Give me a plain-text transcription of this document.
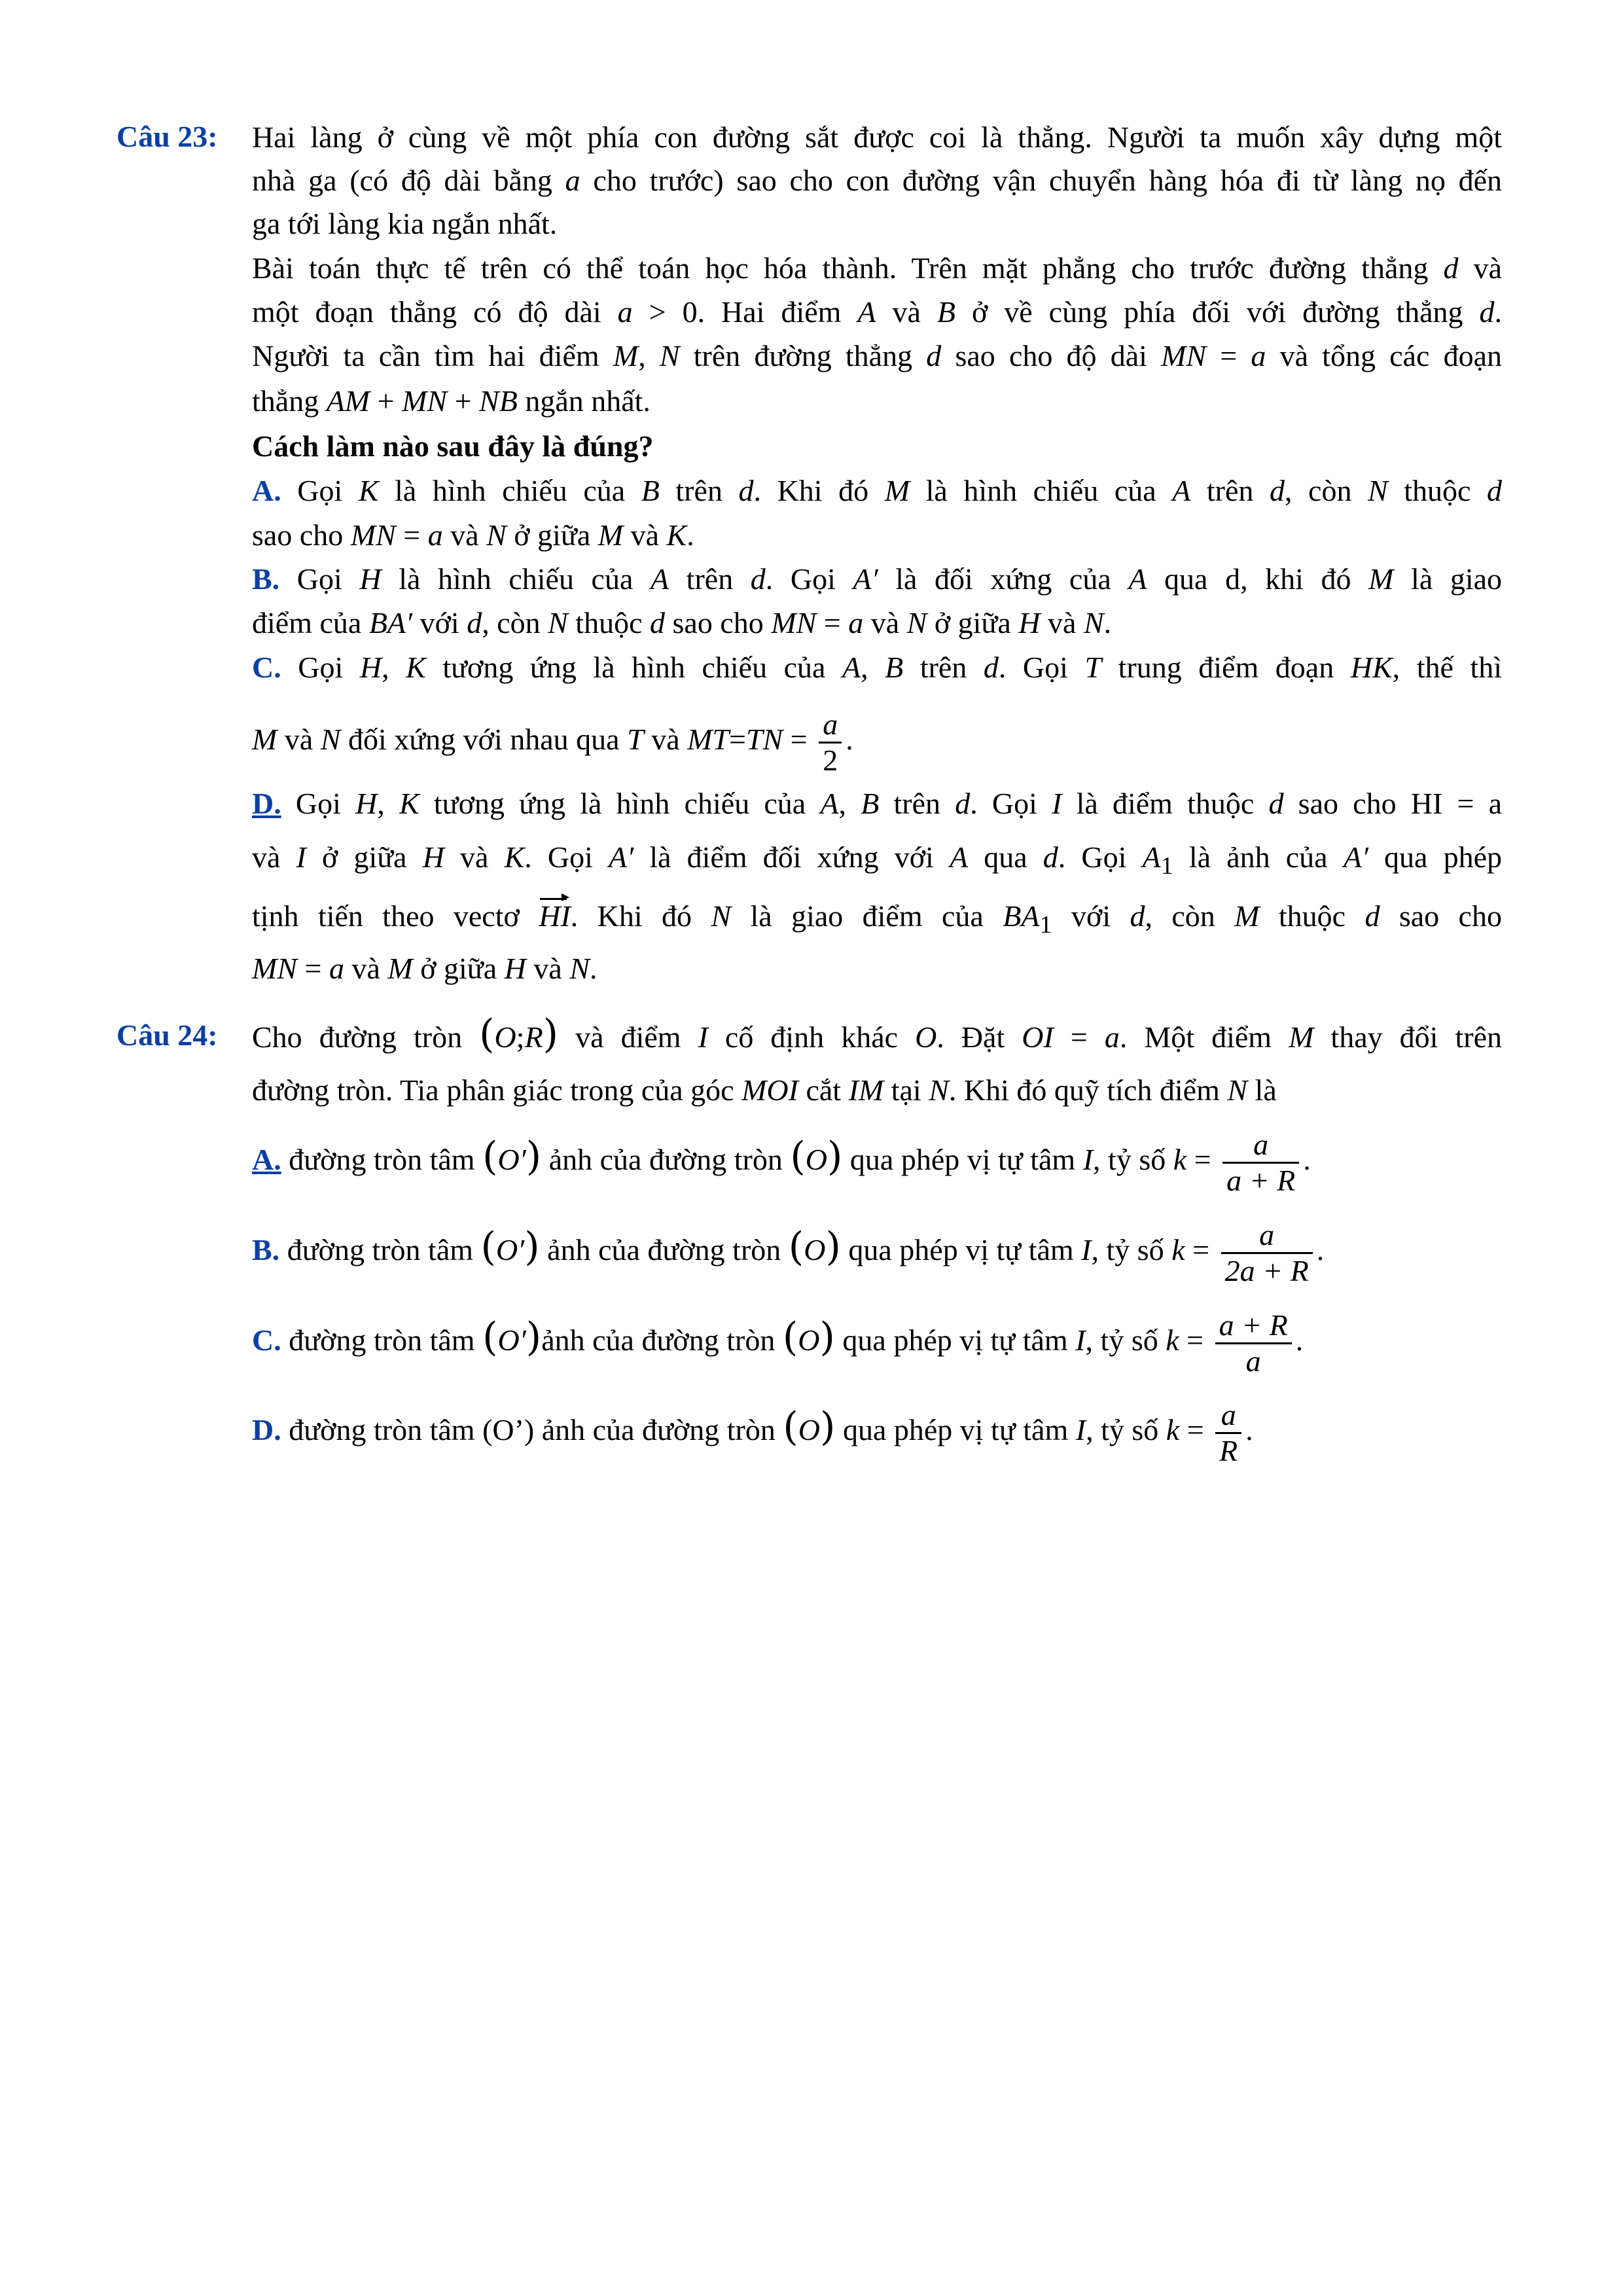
Câu 23: Hai làng ở cùng về một phía con đường sắt được coi là thẳng. Người ta muốn xây dựng một
nhà ga (có độ dài bằng a cho trước) sao cho con đường vận chuyển hàng hóa đi từ làng nọ đến
ga tới làng kia ngắn nhất.
Bài toán thực tế trên có thể toán học hóa thành. Trên mặt phẳng cho trước đường thẳng d và
một đoạn thẳng có độ dài a > 0. Hai điểm A và B ở về cùng phía đối với đường thẳng d.
Người ta cần tìm hai điểm M, N trên đường thẳng d sao cho độ dài MN = a và tổng các đoạn
thẳng AM + MN + NB ngắn nhất.
Cách làm nào sau đây là đúng?
A. Gọi K là hình chiếu của B trên d. Khi đó M là hình chiếu của A trên d, còn N thuộc d
sao cho MN = a và N ở giữa M và K.
B. Gọi H là hình chiếu của A trên d. Gọi A′ là đối xứng của A qua d, khi đó M là giao
điểm của BA′ với d, còn N thuộc d sao cho MN = a và N ở giữa H và N.
C. Gọi H, K tương ứng là hình chiếu của A, B trên d. Gọi T trung điểm đoạn HK, thế thì
M và N đối xứng với nhau qua T và $MT=TN = \frac{a}{2}$ .
D. Gọi H, K tương ứng là hình chiếu của A, B trên d. Gọi I là điểm thuộc d sao cho HI = a
và I ở giữa H và K. Gọi A′ là điểm đối xứng với A qua d. Gọi $A_1$ là ảnh của A′ qua phép
tịnh tiến theo vectơ HI. Khi đó N là giao điểm của $BA_1$ với d, còn M thuộc d sao cho
MN = a và M ở giữa H và N.
Câu 24: Cho đường tròn (O;R) và điểm I cố định khác O. Đặt OI = a. Một điểm M thay đổi trên
đường tròn. Tia phân giác trong của góc MOI cắt IM tại N. Khi đó quỹ tích điểm N là
A. đường tròn tâm (O′) ảnh của đường tròn (O) qua phép vị tự tâm I, tỷ số $k = \frac{a}{a + R}$ .
B. đường tròn tâm (O′) ảnh của đường tròn (O) qua phép vị tự tâm I, tỷ số $k = \frac{a}{2a + R}$ .
C. đường tròn tâm (O′)ảnh của đường tròn (O) qua phép vị tự tâm I, tỷ số $k = \frac{a + R}{a}$ .
D. đường tròn tâm (O’) ảnh của đường tròn (O) qua phép vị tự tâm I, tỷ số $k = \frac{a}{R}$ .
